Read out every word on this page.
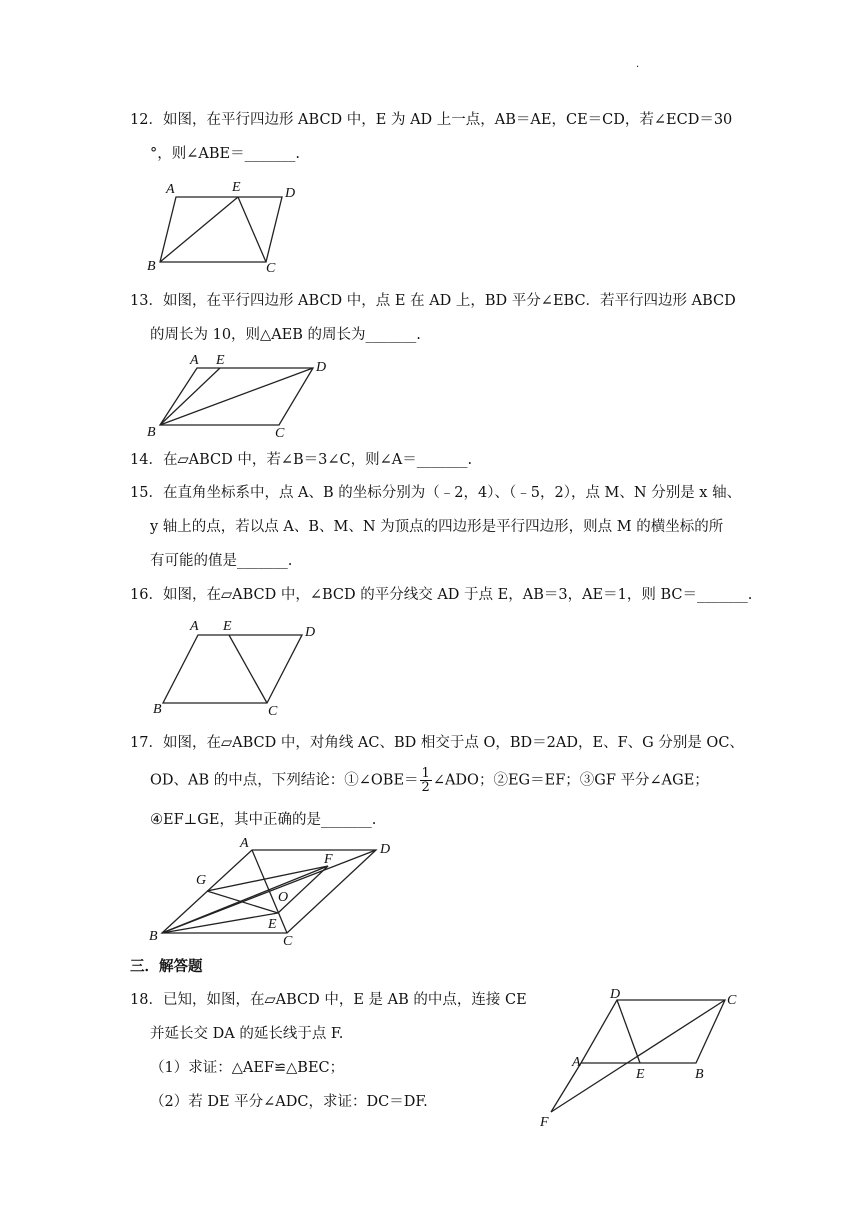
·
12．如图，在平行四边形 ABCD 中，E 为 AD 上一点，AB＝AE，CE＝CD，若∠ECD＝30
°，则∠ABE＝_______.
A	E	D
B	C
13．如图，在平行四边形 ABCD 中，点 E 在 AD 上，BD 平分∠EBC．若平行四边形 ABCD
的周长为 10，则△AEB 的周长为_______.
A E	D
B	C
14．在▱ABCD 中，若∠B＝3∠C，则∠A＝_______.
15．在直角坐标系中，点 A、B 的坐标分别为（﹣2，4）、（﹣5，2），点 M、N 分别是 x 轴、
y 轴上的点，若以点 A、B、M、N 为顶点的四边形是平行四边形，则点 M 的横坐标的所
有可能的值是_______.
16．如图，在▱ABCD 中，∠BCD 的平分线交 AD 于点 E，AB＝3，AE＝1，则 BC＝_______.
A E	D
B	C
17．如图，在▱ABCD 中，对角线 AC、BD 相交于点 O，BD＝2AD，E、F、G 分别是 OC、
OD、AB 的中点，下列结论：①∠OBE＝ $\frac{1}{2}$ ∠ADO；②EG＝EF；③GF 平分∠AGE；
④EF⊥GE，其中正确的是_______.
A	D
F
G
O
E
B	C
三．解答题
18．已知，如图，在▱ABCD 中，E 是 AB 的中点，连接 CE
并延长交 DA 的延长线于点 F.
（1）求证：△AEF≌△BEC；
（2）若 DE 平分∠ADC，求证：DC＝DF.
D	C
A
E	B
F
